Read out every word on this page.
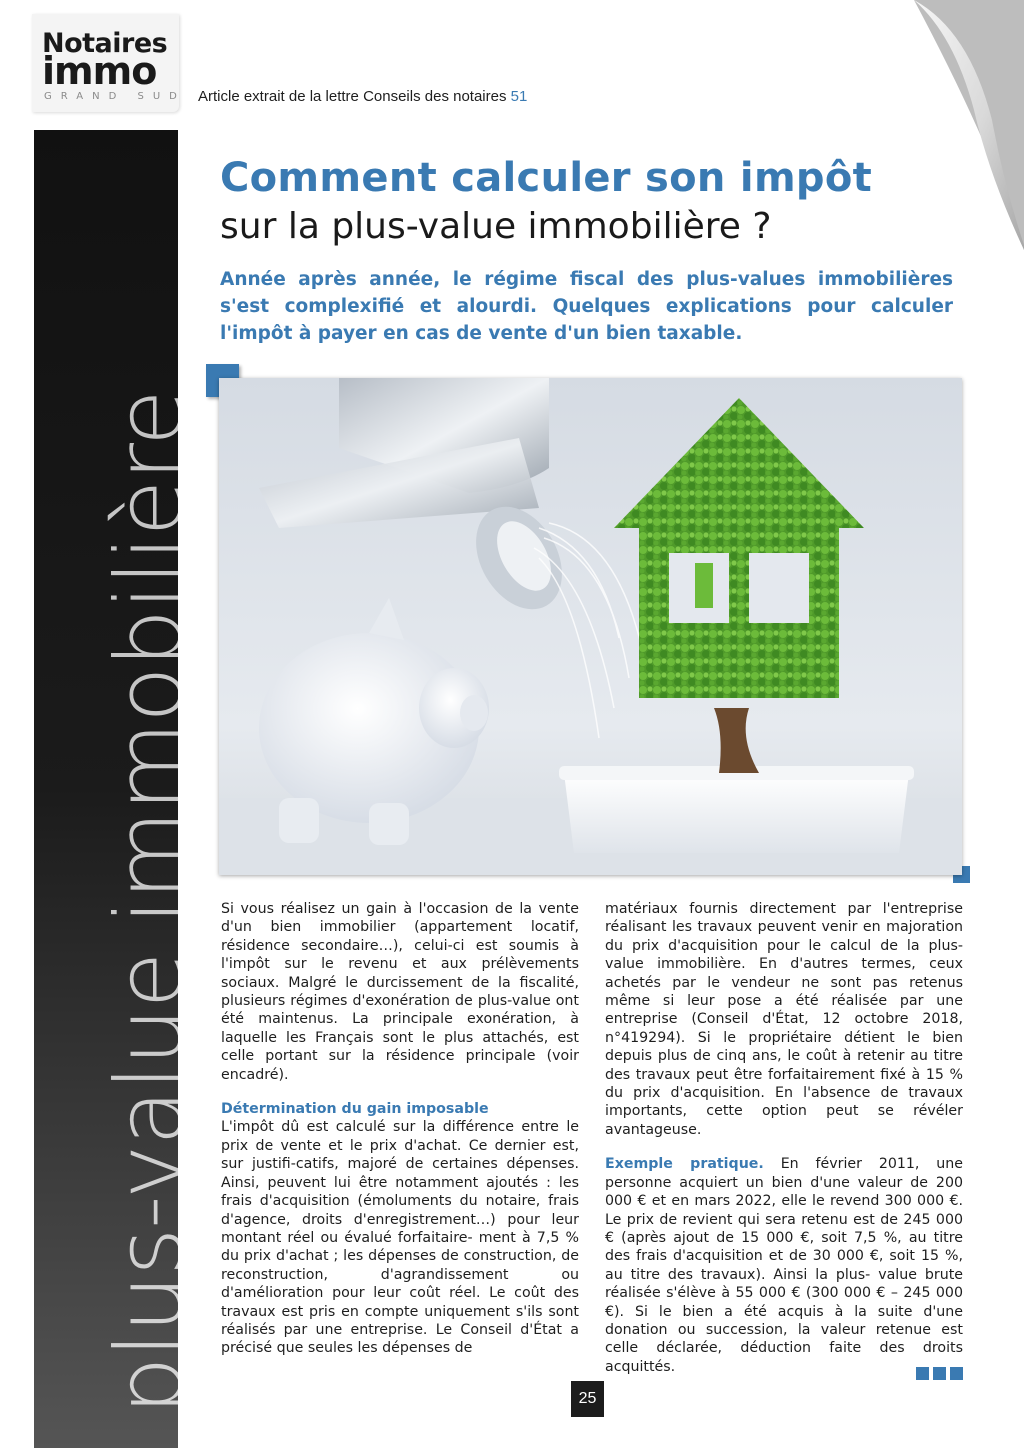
Notaires
immo
GRAND SUD Article extrait de la lettre Conseils des notaires 51
plus-value immobilière
Comment calculer son impôt
sur la plus-value immobilière ?
Année après année, le régime fiscal des plus-values immobilières s'est complexifié et alourdi. Quelques explications pour calculer l'impôt à payer en cas de vente d'un bien taxable.

Si vous réalisez un gain à l'occasion de la vente d'un bien immobilier (appartement locatif, résidence secondaire…), celui-ci est soumis à l'impôt sur le revenu et aux prélèvements sociaux. Malgré le durcissement de la fiscalité, plusieurs régimes d'exonération de plus-value ont été maintenus. La principale exonération, à laquelle les Français sont le plus attachés, est celle portant sur la résidence principale (voir encadré).

Détermination du gain imposable

L'impôt dû est calculé sur la différence entre le prix de vente et le prix d'achat. Ce dernier est, sur justifi-catifs, majoré de certaines dépenses. Ainsi, peuvent lui être notamment ajoutés : les frais d'acquisition (émoluments du notaire, frais d'agence, droits d'enregistrement…) pour leur montant réel ou évalué forfaitaire- ment à 7,5 % du prix d'achat ; les dépenses de construction, de reconstruction, d'agrandissement ou d'amélioration pour leur coût réel. Le coût des travaux est pris en compte uniquement s'ils sont réalisés par une entreprise. Le Conseil d'État a précisé que seules les dépenses de

matériaux fournis directement par l'entreprise réalisant les travaux peuvent venir en majoration du prix d'acquisition pour le calcul de la plus-value immobilière. En d'autres termes, ceux achetés par le vendeur ne sont pas retenus même si leur pose a été réalisée par une entreprise (Conseil d'État, 12 octobre 2018, n°419294). Si le propriétaire détient le bien depuis plus de cinq ans, le coût à retenir au titre des travaux peut être forfaitairement fixé à 15 % du prix d'acquisition. En l'absence de travaux importants, cette option peut se révéler avantageuse.

Exemple pratique. En février 2011, une personne acquiert un bien d'une valeur de 200 000 € et en mars 2022, elle le revend 300 000 €. Le prix de revient qui sera retenu est de 245 000 € (après ajout de 15 000 €, soit 7,5 %, au titre des frais d'acquisition et de 30 000 €, soit 15 %, au titre des travaux). Ainsi la plus- value brute réalisée s'élève à 55 000 € (300 000 € – 245 000 €). Si le bien a été acquis à la suite d'une donation ou succession, la valeur retenue est celle déclarée, déduction faite des droits acquittés.

25
